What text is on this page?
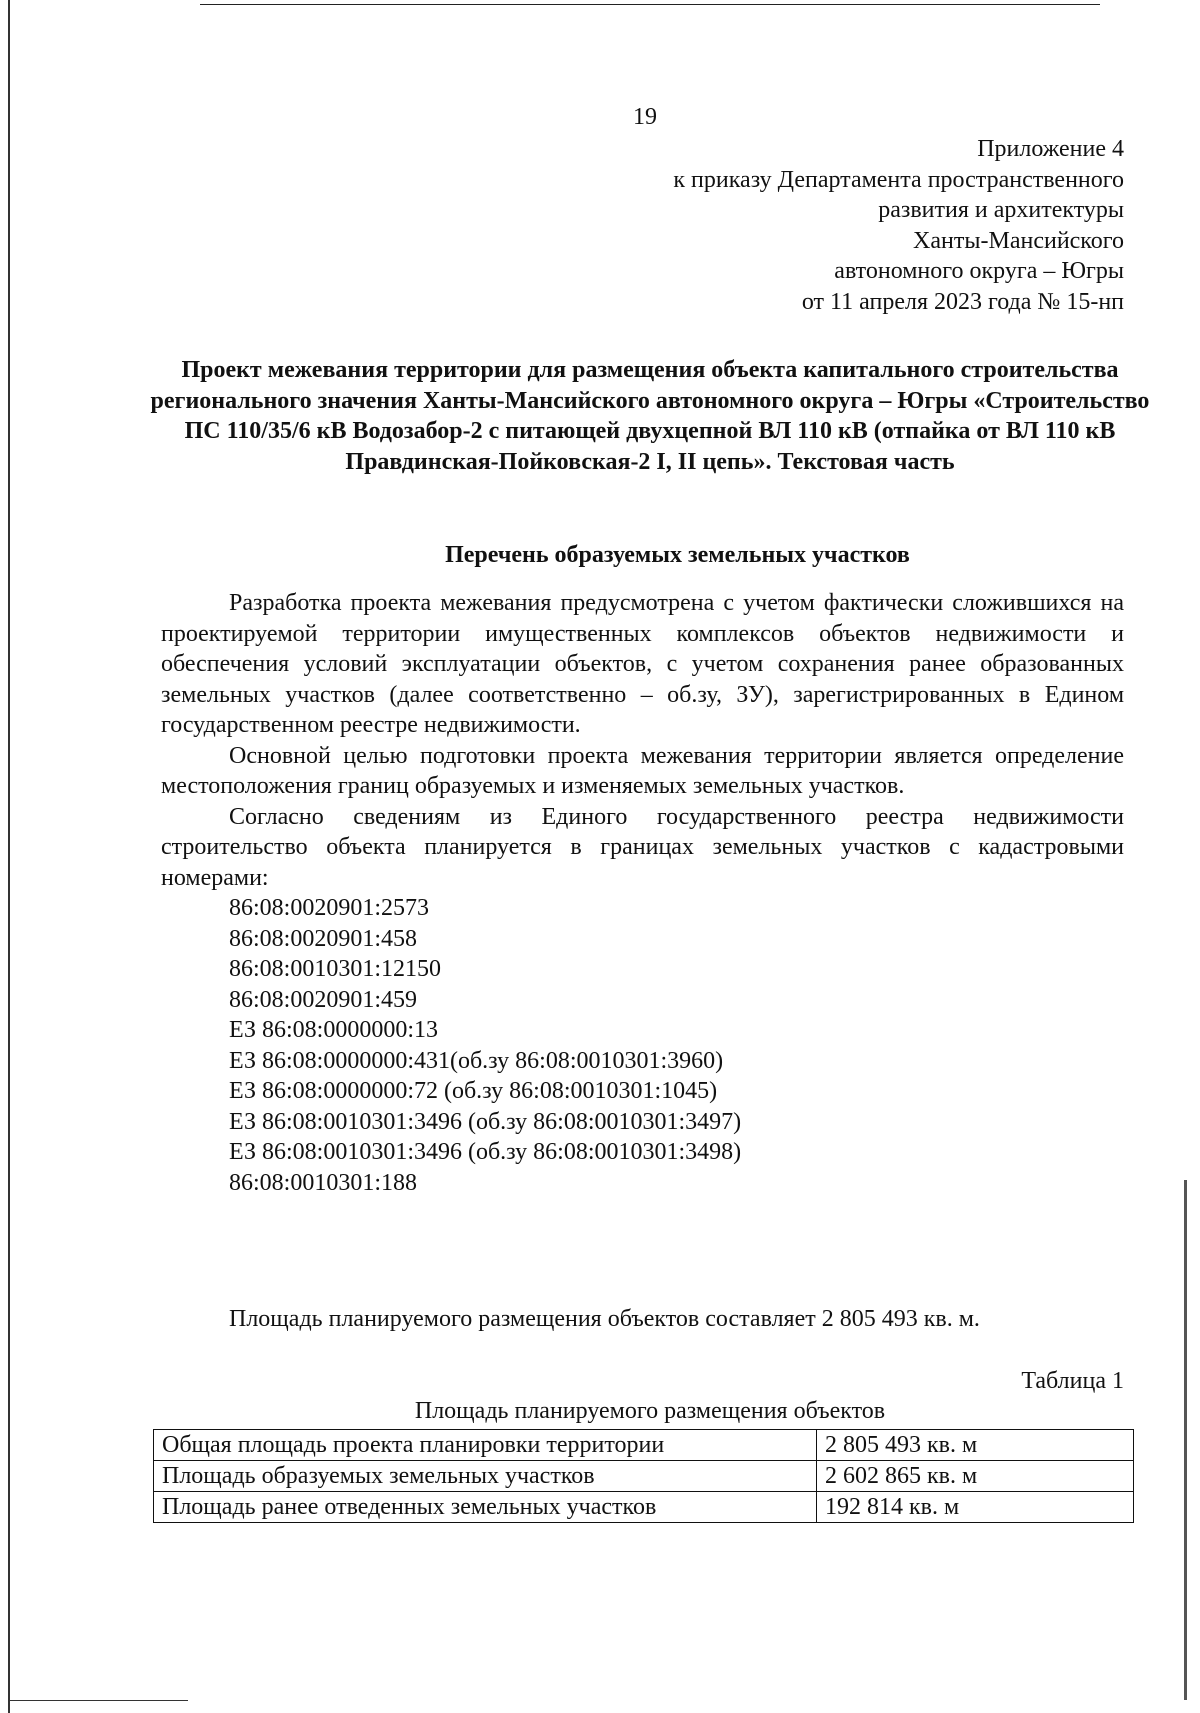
19
Приложение 4
к приказу Департамента пространственного
развития и архитектуры
Ханты-Мансийского
автономного округа – Югры
от 11 апреля 2023 года № 15-нп
Проект межевания территории для размещения объекта капитального строительства регионального значения Ханты-Мансийского автономного округа – Югры «Строительство ПС 110/35/6 кВ Водозабор-2 с питающей двухцепной ВЛ 110 кВ (отпайка от ВЛ 110 кВ Правдинская-Пойковская-2 I, II цепь». Текстовая часть
Перечень образуемых земельных участков

Разработка проекта межевания предусмотрена с учетом фактически сложившихся на проектируемой территории имущественных комплексов объектов недвижимости и обеспечения условий эксплуатации объектов, с учетом сохранения ранее образованных земельных участков (далее соответственно – об.зу, ЗУ), зарегистрированных в Едином государственном реестре недвижимости.

Основной целью подготовки проекта межевания территории является определение местоположения границ образуемых и изменяемых земельных участков.

Согласно сведениям из Единого государственного реестра недвижимости строительство объекта планируется в границах земельных участков с кадастровыми номерами:

86:08:0020901:2573
86:08:0020901:458
86:08:0010301:12150
86:08:0020901:459
ЕЗ 86:08:0000000:13
ЕЗ 86:08:0000000:431(об.зу 86:08:0010301:3960)
ЕЗ 86:08:0000000:72 (об.зу 86:08:0010301:1045)
ЕЗ 86:08:0010301:3496 (об.зу 86:08:0010301:3497)
ЕЗ 86:08:0010301:3496 (об.зу 86:08:0010301:3498)
86:08:0010301:188
Площадь планируемого размещения объектов составляет 2 805 493 кв. м.
Таблица 1
Площадь планируемого размещения объектов
Общая площадь проекта планировки территории	2 805 493 кв. м
Площадь образуемых земельных участков	2 602 865 кв. м
Площадь ранее отведенных земельных участков	192 814 кв. м
